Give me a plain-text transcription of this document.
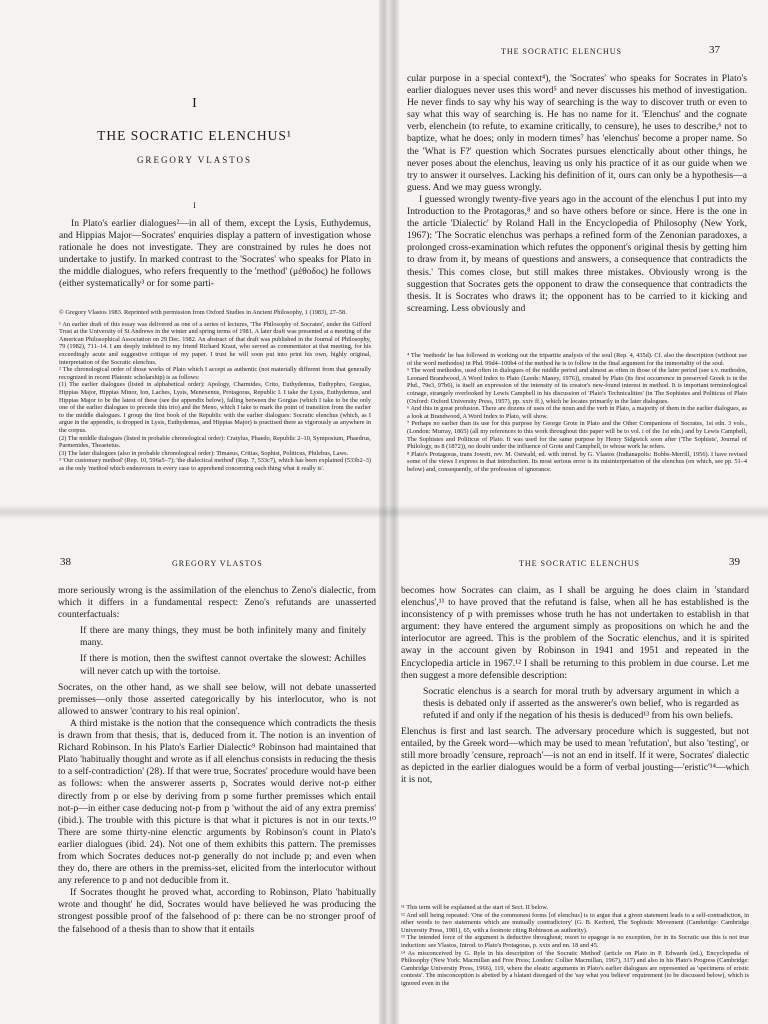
I
THE SOCRATIC ELENCHUS¹
GREGORY VLASTOS
I
In Plato's earlier dialogues²—in all of them, except the Lysis, Euthydemus, and Hippias Major—Socrates' enquiries display a pattern of investigation whose rationale he does not investigate. They are constrained by rules he does not undertake to justify. In marked contrast to the 'Socrates' who speaks for Plato in the middle dialogues, who refers frequently to the 'method' (μέθοδος) he follows (either systematically³ or for some parti-

© Gregory Vlastos 1983. Reprinted with permission from Oxford Studies in Ancient Philosophy, 1 (1983), 27–58.

¹ An earlier draft of this essay was delivered as one of a series of lectures, 'The Philosophy of Socrates', under the Gifford Trust at the University of St Andrews in the winter and spring terms of 1981. A later draft was presented at a meeting of the American Philosophical Association on 29 Dec. 1982. An abstract of that draft was published in the Journal of Philosophy, 79 (1982), 711–14. I am deeply indebted to my friend Richard Kraut, who served as commentator at that meeting, for his exceedingly acute and suggestive critique of my paper. I trust he will soon put into print his own, highly original, interpretation of the Socratic elenchus.

² The chronological order of those works of Plato which I accept as authentic (not materially different from that generally recognized in recent Platonic scholarship) is as follows:

(1) The earlier dialogues (listed in alphabetical order): Apology, Charmides, Crito, Euthydemus, Euthyphro, Gorgias, Hippias Major, Hippias Minor, Ion, Laches, Lysis, Menexenus, Protagoras, Republic I. I take the Lysis, Euthydemus, and Hippias Major to be the latest of these (see the appendix below), falling between the Gorgias (which I take to be the only one of the earlier dialogues to precede this trio) and the Meno, which I take to mark the point of transition from the earlier to the middle dialogues. I group the first book of the Republic with the earlier dialogues: Socratic elenchus (which, as I argue in the appendix, is dropped in Lysis, Euthydemus, and Hippias Major) is practised there as vigorously as anywhere in the corpus.

(2) The middle dialogues (listed in probable chronological order): Cratylus, Phaedo, Republic 2–10, Symposium, Phaedrus, Parmenides, Theaetetus.

(3) The later dialogues (also in probable chronological order): Timaeus, Critias, Sophist, Politicus, Philebus, Laws.

³ 'Our customary method' (Rep. 10, 596a5–7); 'the dialectical method' (Rep. 7, 533c7), which has been explained (533b2–3) as the only 'method which endeavours in every case to apprehend concerning each thing what it really is'.

THE SOCRATIC ELENCHUS	37

cular purpose in a special context⁴), the 'Socrates' who speaks for Socrates in Plato's earlier dialogues never uses this word⁵ and never discusses his method of investigation. He never finds to say why his way of searching is the way to discover truth or even to say what this way of searching is. He has no name for it. 'Elenchus' and the cognate verb, elenchein (to refute, to examine critically, to censure), he uses to describe,⁶ not to baptize, what he does; only in modern times⁷ has 'elenchus' become a proper name. So the 'What is F?' question which Socrates pursues elenctically about other things, he never poses about the elenchus, leaving us only his practice of it as our guide when we try to answer it ourselves. Lacking his definition of it, ours can only be a hypothesis—a guess. And we may guess wrongly.

I guessed wrongly twenty-five years ago in the account of the elenchus I put into my Introduction to the Protagoras,⁸ and so have others before or since. Here is the one in the article 'Dialectic' by Roland Hall in the Encyclopedia of Philosophy (New York, 1967): 'The Socratic elenchus was perhaps a refined form of the Zenonian paradoxes, a prolonged cross-examination which refutes the opponent's original thesis by getting him to draw from it, by means of questions and answers, a consequence that contradicts the thesis.' This comes close, but still makes three mistakes. Obviously wrong is the suggestion that Socrates gets the opponent to draw the consequence that contradicts the thesis. It is Socrates who draws it; the opponent has to be carried to it kicking and screaming. Less obviously and

⁴ The 'methods' he has followed in working out the tripartite analysis of the soul (Rep. 4, 435d). Cf. also the description (without use of the word methodos) in Phd. 99d4–100b4 of the method he is to follow in the final argument for the immortality of the soul.

⁵ The word methodos, used often in dialogues of the middle period and almost as often in those of the later period (see s.v. methodos, Leonard Brandwood, A Word Index to Plato (Leeds: Maney, 1976)), created by Plato (its first occurrence in preserved Greek is in the Phd., 79e3, 97b6), is itself an expression of the intensity of its creator's new-found interest in method. It is important terminological coinage, strangely overlooked by Lewis Campbell in his discussion of 'Plato's Technicalities' (in The Sophistes and Politicus of Plato (Oxford: Oxford University Press, 1957), pp. xxiv ff.), which he locates primarily in the later dialogues.

⁶ And this in great profusion. There are dozens of uses of the noun and the verb in Plato, a majority of them in the earlier dialogues, as a look at Brandwood, A Word Index to Plato, will show.

⁷ Perhaps no earlier than its use for this purpose by George Grote in Plato and the Other Companions of Socrates, 1st edn. 3 vols., (London: Murray, 1865) (all my references to this work throughout this paper will be to vol. i of the 1st edn.) and by Lewis Campbell, The Sophistes and Politicus of Plato. It was used for the same purpose by Henry Sidgwick soon after ('The Sophists', Journal of Philology, ns 8 (1872)), no doubt under the influence of Grote and Campbell, to whose work he refers.

⁸ Plato's Protagoras, trans Jowett, rev. M. Ostwald, ed. with introd. by G. Vlastos (Indianapolis: Bobbs-Merrill, 1956). I have revised some of the views I express in that introduction. Its most serious error is its misinterpretation of the elenchus (on which, see pp. 51–4 below) and, consequently, of the profession of ignorance.

38	GREGORY VLASTOS

more seriously wrong is the assimilation of the elenchus to Zeno's dialectic, from which it differs in a fundamental respect: Zeno's refutands are unasserted counterfactuals:

If there are many things, they must be both infinitely many and finitely many.

If there is motion, then the swiftest cannot overtake the slowest: Achilles will never catch up with the tortoise.

Socrates, on the other hand, as we shall see below, will not debate unasserted premisses—only those asserted categorically by his interlocutor, who is not allowed to answer 'contrary to his real opinion'.

A third mistake is the notion that the consequence which contradicts the thesis is drawn from that thesis, that is, deduced from it. The notion is an invention of Richard Robinson. In his Plato's Earlier Dialectic⁹ Robinson had maintained that Plato 'habitually thought and wrote as if all elenchus consists in reducing the thesis to a self-contradiction' (28). If that were true, Socrates' procedure would have been as follows: when the answerer asserts p, Socrates would derive not-p either directly from p or else by deriving from p some further premisses which entail not-p—in either case deducing not-p from p 'without the aid of any extra premiss' (ibid.). The trouble with this picture is that what it pictures is not in our texts.¹⁰ There are some thirty-nine elenctic arguments by Robinson's count in Plato's earlier dialogues (ibid. 24). Not one of them exhibits this pattern. The premisses from which Socrates deduces not-p generally do not include p; and even when they do, there are others in the premiss-set, elicited from the interlocutor without any reference to p and not deducible from it.

If Socrates thought he proved what, according to Robinson, Plato 'habitually wrote and thought' he did, Socrates would have believed he was producing the strongest possible proof of the falsehood of p: there can be no stronger proof of the falsehood of a thesis than to show that it entails

THE SOCRATIC ELENCHUS	39

becomes how Socrates can claim, as I shall be arguing he does claim in 'standard elenchus',¹¹ to have proved that the refutand is false, when all he has established is the inconsistency of p with premisses whose truth he has not undertaken to establish in that argument: they have entered the argument simply as propositions on which he and the interlocutor are agreed. This is the problem of the Socratic elenchus, and it is spirited away in the account given by Robinson in 1941 and 1951 and repeated in the Encyclopedia article in 1967.¹² I shall be returning to this problem in due course. Let me then suggest a more defensible description:

Socratic elenchus is a search for moral truth by adversary argument in which a thesis is debated only if asserted as the answerer's own belief, who is regarded as refuted if and only if the negation of his thesis is deduced¹³ from his own beliefs.

Elenchus is first and last search. The adversary procedure which is suggested, but not entailed, by the Greek word—which may be used to mean 'refutation', but also 'testing', or still more broadly 'censure, reproach'—is not an end in itself. If it were, Socrates' dialectic as depicted in the earlier dialogues would be a form of verbal jousting—'eristic'¹⁴—which it is not,

¹¹ This term will be explained at the start of Sect. II below.

¹² And still being repeated: 'One of the commonest forms [of elenchus] is to argue that a given statement leads to a self-contradiction, in other words to two statements which are mutually contradictory' (G. B. Kerferd, The Sophistic Movement (Cambridge: Cambridge University Press, 1981), 65, with a footnote citing Robinson as authority).

¹³ The intended force of the argument is deductive throughout; resort to epagoge is no exception, for in its Socratic use this is not true induction: see Vlastos, Introd. to Plato's Protagoras, p. xxix and nn. 18 and 45.

¹⁴ As misconceived by G. Ryle in his description of 'the Socratic Method' (article on Plato in P. Edwards (ed.), Encyclopedia of Philosophy (New York: Macmillan and Free Press; London: Collier Macmillan, 1967), 317) and also in his Plato's Progress (Cambridge: Cambridge University Press, 1966), 119, where the eleatic arguments in Plato's earlier dialogues are represented as 'specimens of eristic contests'. The misconception is abetted by a blatant disregard of the 'say what you believe' requirement (to be discussed below), which is ignored even in the
